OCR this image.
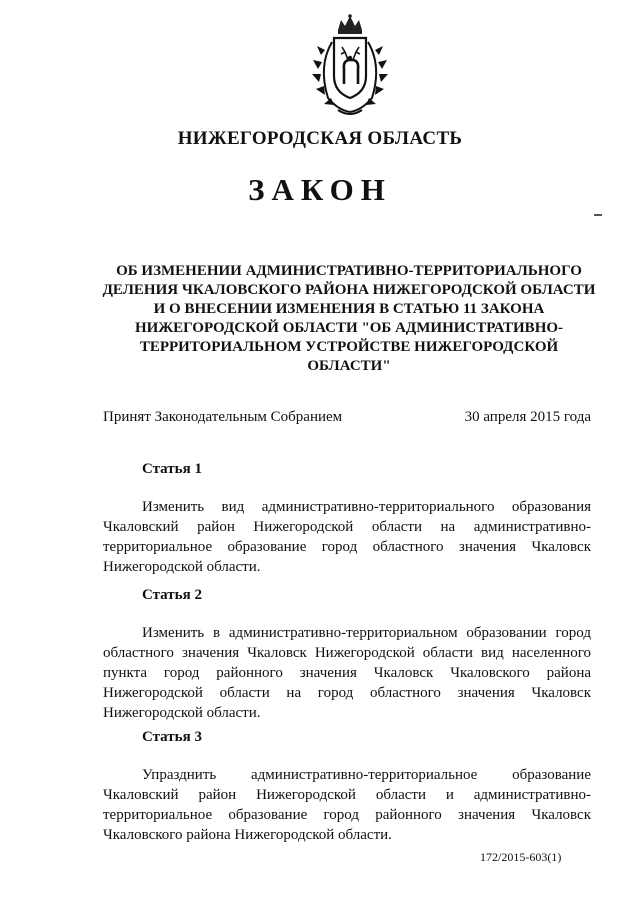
НИЖЕГОРОДСКАЯ ОБЛАСТЬ
ЗАКОН
ОБ ИЗМЕНЕНИИ АДМИНИСТРАТИВНО-ТЕРРИТОРИАЛЬНОГО ДЕЛЕНИЯ ЧКАЛОВСКОГО РАЙОНА НИЖЕГОРОДСКОЙ ОБЛАСТИ И О ВНЕСЕНИИ ИЗМЕНЕНИЯ В СТАТЬЮ 11 ЗАКОНА НИЖЕГОРОДСКОЙ ОБЛАСТИ "ОБ АДМИНИСТРАТИВНО-ТЕРРИТОРИАЛЬНОМ УСТРОЙСТВЕ НИЖЕГОРОДСКОЙ ОБЛАСТИ"
Принят Законодательным Собранием	30 апреля 2015 года
Статья 1

Изменить вид административно-территориального образования Чкаловский район Нижегородской области на административно-территориальное образование город областного значения Чкаловск Нижегородской области.

Статья 2

Изменить в административно-территориальном образовании город областного значения Чкаловск Нижегородской области вид населенного пункта город районного значения Чкаловск Чкаловского района Нижегородской области на город областного значения Чкаловск Нижегородской области.

Статья 3

Упразднить административно-территориальное образование Чкаловский район Нижегородской области и административно-территориальное образование город районного значения Чкаловск Чкаловского района Нижегородской области.

172/2015-603(1)
